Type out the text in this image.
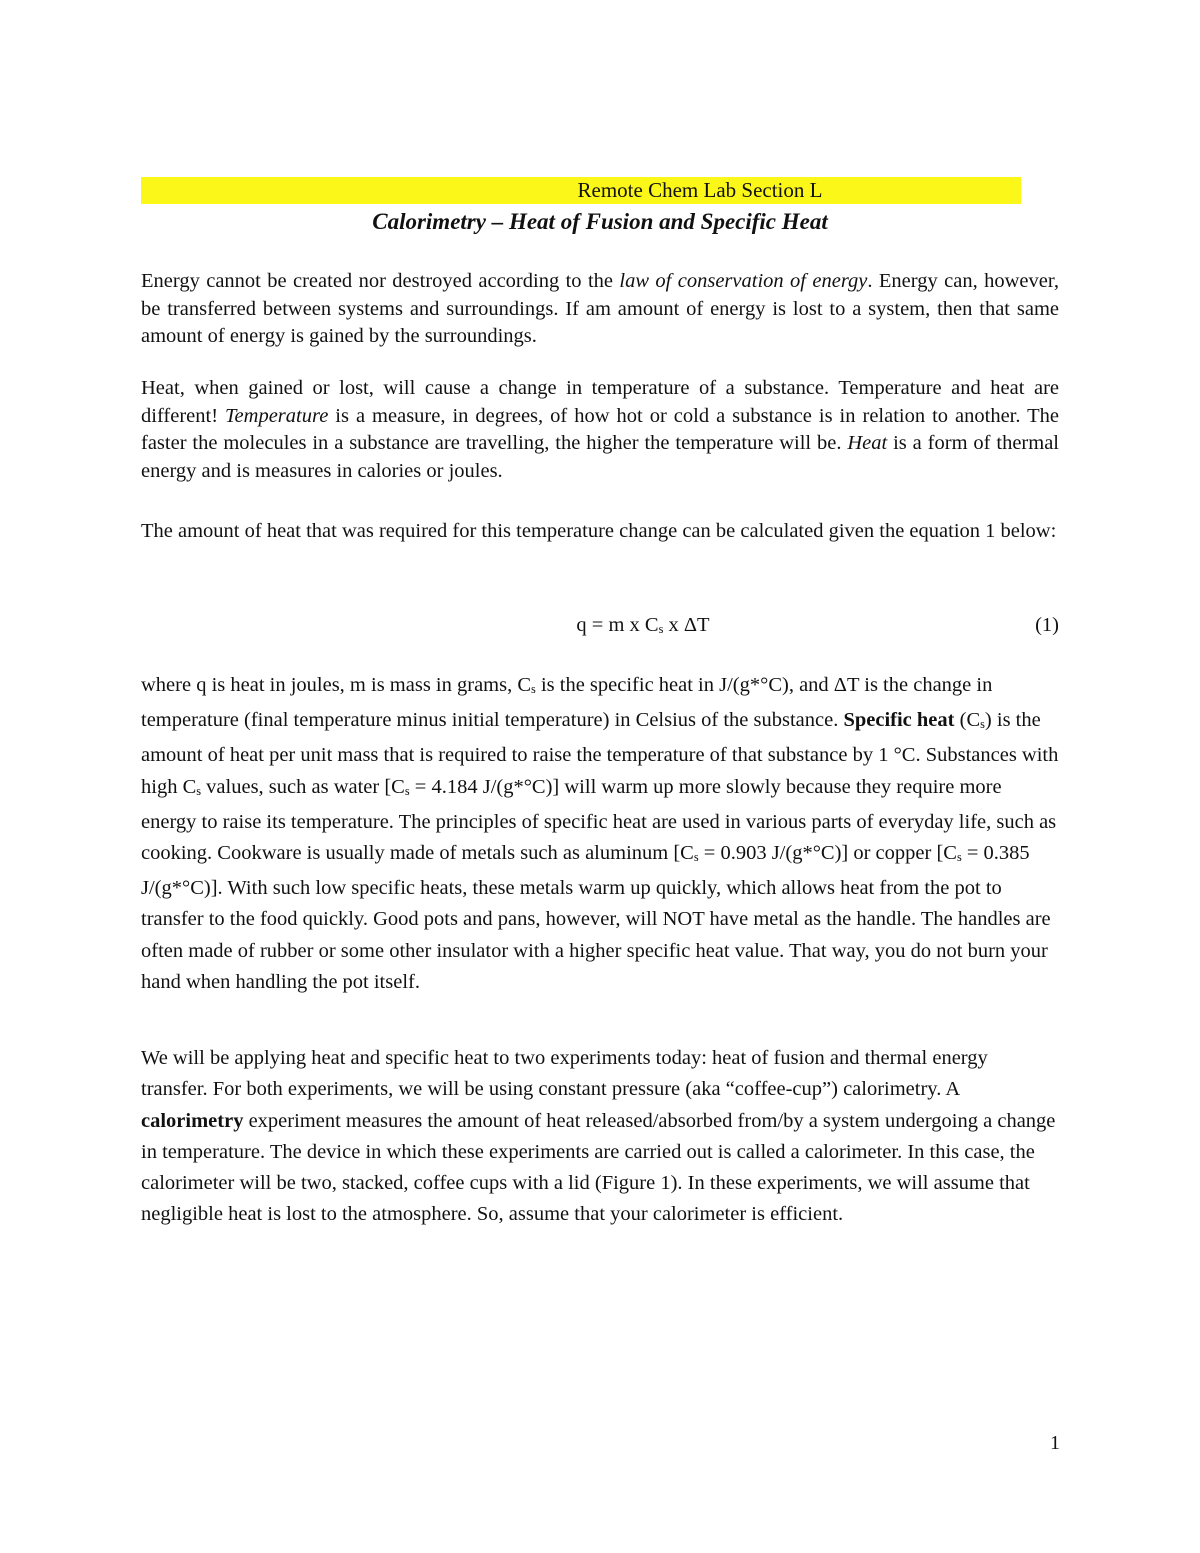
Remote Chem Lab Section L
Calorimetry – Heat of Fusion and Specific Heat

Energy cannot be created nor destroyed according to the law of conservation of energy. Energy can, however, be transferred between systems and surroundings. If am amount of energy is lost to a system, then that same amount of energy is gained by the surroundings.

Heat, when gained or lost, will cause a change in temperature of a substance. Temperature and heat are different! Temperature is a measure, in degrees, of how hot or cold a substance is in relation to another. The faster the molecules in a substance are travelling, the higher the temperature will be. Heat is a form of thermal energy and is measures in calories or joules.

The amount of heat that was required for this temperature change can be calculated given the equation 1 below:

q = m x $C_s$ x ΔT	(1)

where q is heat in joules, m is mass in grams, $C_s$ is the specific heat in J/(g*°C), and ΔT is the change in temperature (final temperature minus initial temperature) in Celsius of the substance. Specific heat $(C_s)$ is the amount of heat per unit mass that is required to raise the temperature of that substance by 1 °C. Substances with high $C_s$ values, such as water [$C_s = 4.184$ J/(g*°C)] will warm up more slowly because they require more energy to raise its temperature. The principles of specific heat are used in various parts of everyday life, such as cooking. Cookware is usually made of metals such as aluminum [$C_s = 0.903$ J/(g*°C)] or copper [$C_s = 0.385$ J/(g*°C)]. With such low specific heats, these metals warm up quickly, which allows heat from the pot to transfer to the food quickly. Good pots and pans, however, will NOT have metal as the handle. The handles are often made of rubber or some other insulator with a higher specific heat value. That way, you do not burn your hand when handling the pot itself.

We will be applying heat and specific heat to two experiments today: heat of fusion and thermal energy transfer. For both experiments, we will be using constant pressure (aka “coffee-cup”) calorimetry. A calorimetry experiment measures the amount of heat released/absorbed from/by a system undergoing a change in temperature. The device in which these experiments are carried out is called a calorimeter. In this case, the calorimeter will be two, stacked, coffee cups with a lid (Figure 1). In these experiments, we will assume that negligible heat is lost to the atmosphere. So, assume that your calorimeter is efficient.

1
